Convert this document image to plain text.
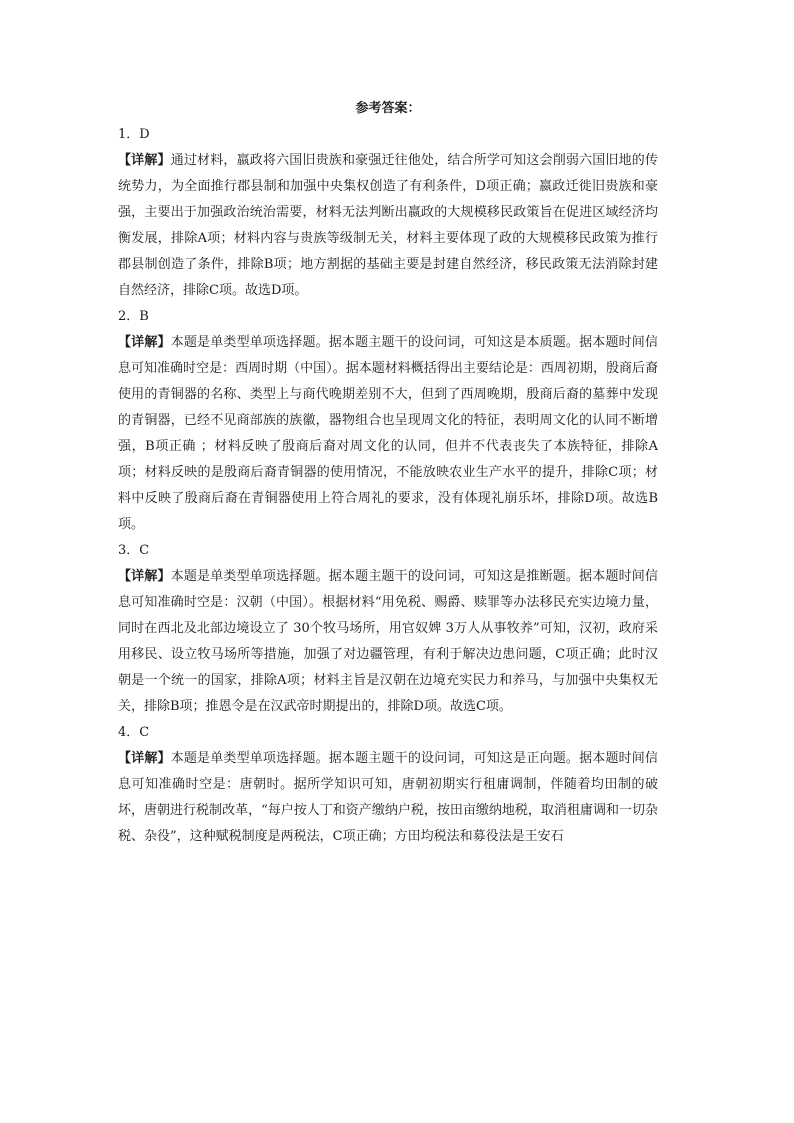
参考答案：
1．D

【详解】通过材料，嬴政将六国旧贵族和豪强迁往他处，结合所学可知这会削弱六国旧地的传统势力，为全面推行郡县制和加强中央集权创造了有利条件，D项正确；嬴政迁徙旧贵族和豪强，主要出于加强政治统治需要，材料无法判断出嬴政的大规模移民政策旨在促进区域经济均衡发展，排除A项；材料内容与贵族等级制无关，材料主要体现了政的大规模移民政策为推行郡县制创造了条件，排除B项；地方割据的基础主要是封建自然经济，移民政策无法消除封建自然经济，排除C项。故选D项。

2．B

【详解】本题是单类型单项选择题。据本题主题干的设问词，可知这是本质题。据本题时间信息可知准确时空是：西周时期（中国）。据本题材料概括得出主要结论是：西周初期，殷商后裔使用的青铜器的名称、类型上与商代晚期差别不大，但到了西周晚期，殷商后裔的墓葬中发现的青铜器，已经不见商部族的族徽，器物组合也呈现周文化的特征，表明周文化的认同不断增强，B项正确 ；材料反映了殷商后裔对周文化的认同，但并不代表丧失了本族特征，排除A项；材料反映的是殷商后裔青铜器的使用情况，不能放映农业生产水平的提升，排除C项；材料中反映了殷商后裔在青铜器使用上符合周礼的要求，没有体现礼崩乐坏，排除D项。故选B项。

3．C

【详解】本题是单类型单项选择题。据本题主题干的设问词，可知这是推断题。据本题时间信息可知准确时空是：汉朝（中国）。根据材料“用免税、赐爵、赎罪等办法移民充实边境力量，同时在西北及北部边境设立了 30个牧马场所，用官奴婢 3万人从事牧养”可知，汉初，政府采用移民、设立牧马场所等措施，加强了对边疆管理，有利于解决边患问题，C项正确；此时汉朝是一个统一的国家，排除A项；材料主旨是汉朝在边境充实民力和养马，与加强中央集权无关，排除B项；推恩令是在汉武帝时期提出的，排除D项。故选C项。

4．C

【详解】本题是单类型单项选择题。据本题主题干的设问词，可知这是正向题。据本题时间信息可知准确时空是：唐朝时。据所学知识可知，唐朝初期实行租庸调制，伴随着均田制的破坏，唐朝进行税制改革，“每户按人丁和资产缴纳户税，按田亩缴纳地税，取消租庸调和一切杂税、杂役”，这种赋税制度是两税法，C项正确；方田均税法和募役法是王安石
